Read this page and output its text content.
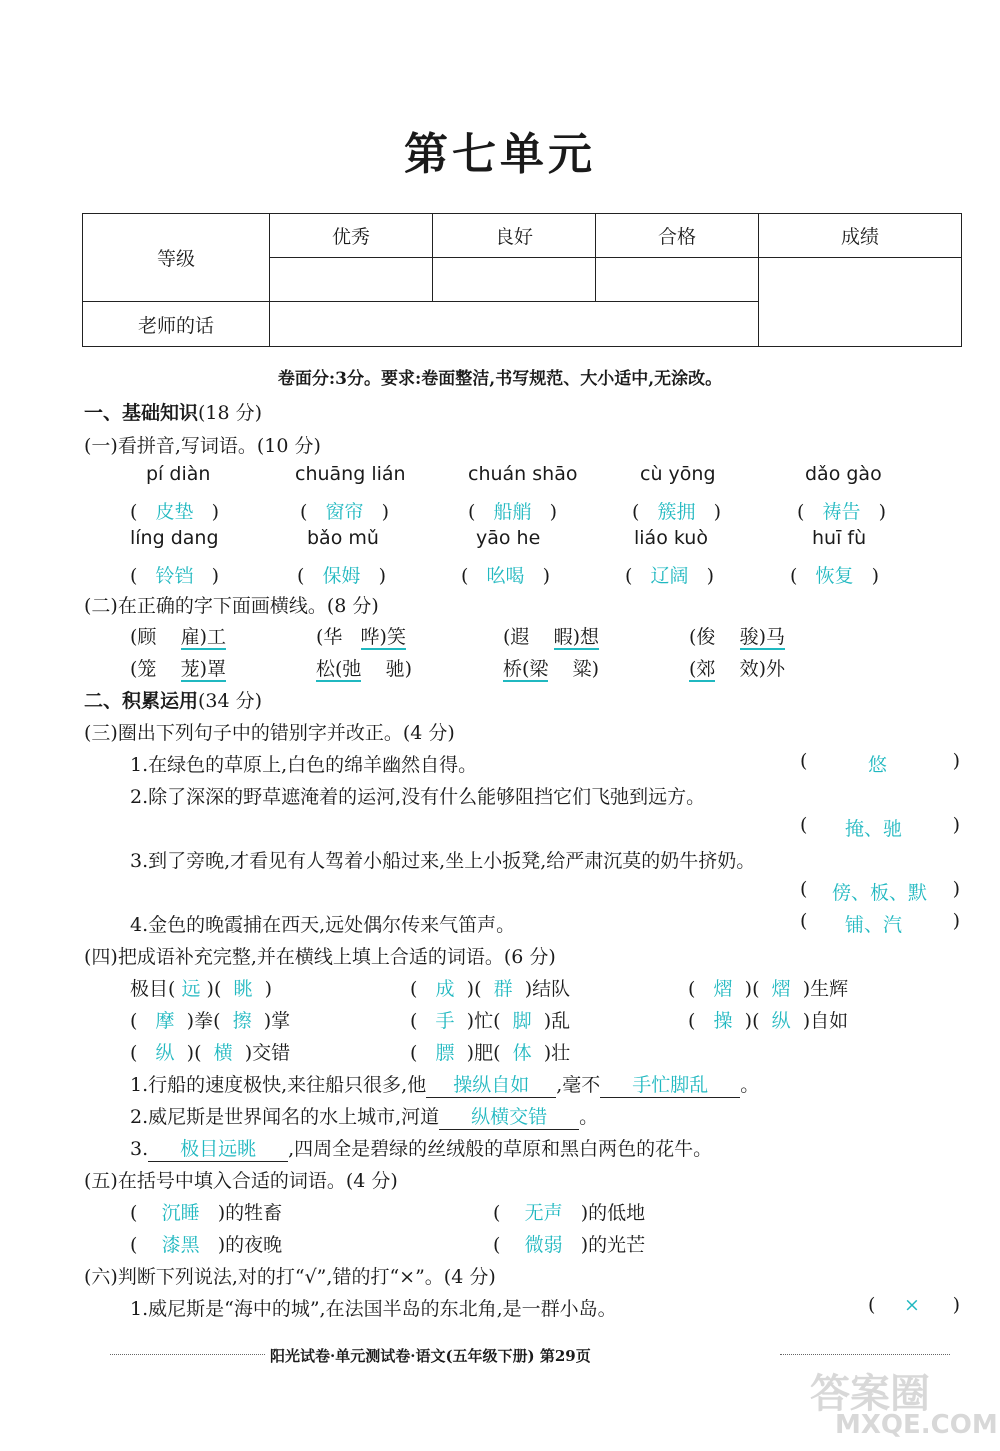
第七单元
等级	优秀	良好	合格	成绩

老师的话				
卷面分:3分。要求:卷面整洁,书写规范、大小适中,无涂改。
一、基础知识(18 分)
(一)看拼音,写词语。(10 分)
pí diàn	chuāng lián	chuán shāo	cù yōng	dǎo gào
(   皮垫   )	(   窗帘   )	(   船艄   )	(   簇拥   )	(   祷告   )
líng dang	bǎo mǔ	yāo he	liáo kuò	huī fù
(   铃铛   )	(   保姆   )	(   吆喝   )	(   辽阔   )	(   恢复   )
(二)在正确的字下面画横线。(8 分)
(顾 雇)工	(华 哗)笑	(遐 暇)想	(俊 骏)马
(笼 茏)罩	松(弛 驰)	桥(梁 粱)	(郊 效)外
二、积累运用(34 分)
(三)圈出下列句子中的错别字并改正。(4 分)
1.在绿色的草原上,白色的绵羊幽然自得。	(	悠	)
2.除了深深的野草遮淹着的运河,没有什么能够阻挡它们飞弛到远方。
( 掩、驰	)
3.到了旁晚,才看见有人驾着小船过来,坐上小扳凳,给严肃沉莫的奶牛挤奶。
( 傍、板、默 )
4.金色的晚霞捕在西天,远处偶尔传来气笛声。	( 铺、汽	)
(四)把成语补充完整,并在横线上填上合适的词语。(6 分)
极目( 远 )( 眺 )	( 成 )( 群 )结队	( 熠 )( 熠 )生辉
( 摩 )拳( 擦 )掌	( 手 )忙( 脚 )乱	( 操 )( 纵 )自如
( 纵 )( 横 )交错	( 膘 )肥( 体 )壮
1.行船的速度极快,来往船只很多,他 操纵自如 ,毫不 手忙脚乱 。
2.威尼斯是世界闻名的水上城市,河道 纵横交错 。
3. 极目远眺 ,四周全是碧绿的丝绒般的草原和黑白两色的花牛。
(五)在括号中填入合适的词语。(4 分)
(    沉睡 )的牲畜	(    无声 )的低地
(    漆黑 )的夜晚	(    微弱 )的光芒
(六)判断下列说法,对的打“√”,错的打“×”。(4 分)
1.威尼斯是“海中的城”,在法国半岛的东北角,是一群小岛。	( × )
阳光试卷·单元测试卷·语文(五年级下册) 第29页
答案圈
MXQE.COM
